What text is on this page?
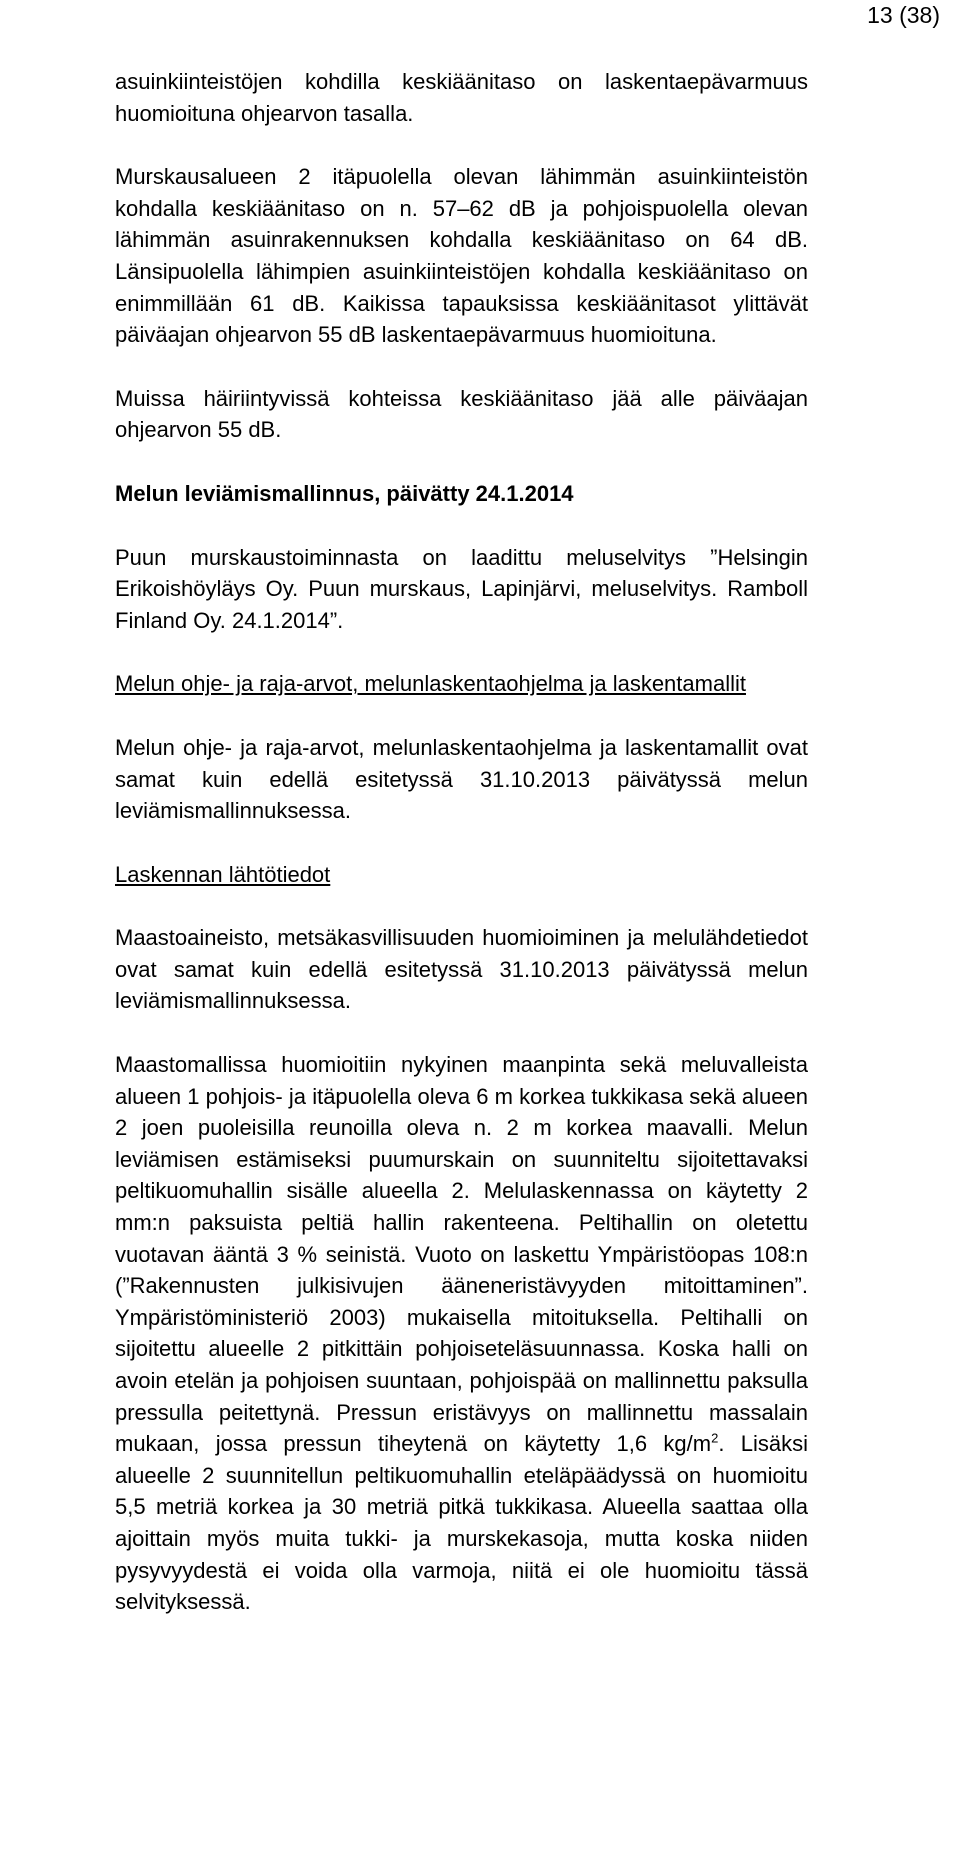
13 (38)

asuinkiinteistöjen kohdilla keskiäänitaso on laskentaepävarmuus huomioituna ohjearvon tasalla.

Murskausalueen 2 itäpuolella olevan lähimmän asuinkiinteistön kohdalla keskiäänitaso on n. 57–62 dB ja pohjoispuolella olevan lähimmän asuinrakennuksen kohdalla keskiäänitaso on 64 dB. Länsipuolella lähimpien asuinkiinteistöjen kohdalla keskiäänitaso on enimmillään 61 dB. Kaikissa tapauksissa keskiäänitasot ylittävät päiväajan ohjearvon 55 dB laskentaepävarmuus huomioituna.

Muissa häiriintyvissä kohteissa keskiäänitaso jää alle päiväajan ohjearvon 55 dB.

Melun leviämismallinnus, päivätty 24.1.2014

Puun murskaustoiminnasta on laadittu meluselvitys ”Helsingin Erikoishöyläys Oy. Puun murskaus, Lapinjärvi, meluselvitys. Ramboll Finland Oy. 24.1.2014”.

Melun ohje- ja raja-arvot, melunlaskentaohjelma ja laskentamallit

Melun ohje- ja raja-arvot, melunlaskentaohjelma ja laskentamallit ovat samat kuin edellä esitetyssä 31.10.2013 päivätyssä melun leviämismallinnuksessa.

Laskennan lähtötiedot

Maastoaineisto, metsäkasvillisuuden huomioiminen ja melulähdetiedot ovat samat kuin edellä esitetyssä 31.10.2013 päivätyssä melun leviämismallinnuksessa.

Maastomallissa huomioitiin nykyinen maanpinta sekä meluvalleista alueen 1 pohjois- ja itäpuolella oleva 6 m korkea tukkikasa sekä alueen 2 joen puoleisilla reunoilla oleva n. 2 m korkea maavalli. Melun leviämisen estämiseksi puumurskain on suunniteltu sijoitettavaksi peltikuomuhallin sisälle alueella 2. Melulaskennassa on käytetty 2 mm:n paksuista peltiä hallin rakenteena. Peltihallin on oletettu vuotavan ääntä 3 % seinistä. Vuoto on laskettu Ympäristöopas 108:n (”Rakennusten julkisivujen ääneneristävyyden mitoittaminen”. Ympäristöministeriö 2003) mukaisella mitoituksella. Peltihalli on sijoitettu alueelle 2 pitkittäin pohjoiseteläsuunnassa. Koska halli on avoin etelän ja pohjoisen suuntaan, pohjoispää on mallinnettu paksulla pressulla peitettynä. Pressun eristävyys on mallinnettu massalain mukaan, jossa pressun tiheytenä on käytetty 1,6 $kg/m^2$. Lisäksi alueelle 2 suunnitellun peltikuomuhallin eteläpäädyssä on huomioitu 5,5 metriä korkea ja 30 metriä pitkä tukkikasa. Alueella saattaa olla ajoittain myös muita tukki- ja murskekasoja, mutta koska niiden pysyvyydestä ei voida olla varmoja, niitä ei ole huomioitu tässä selvityksessä.
